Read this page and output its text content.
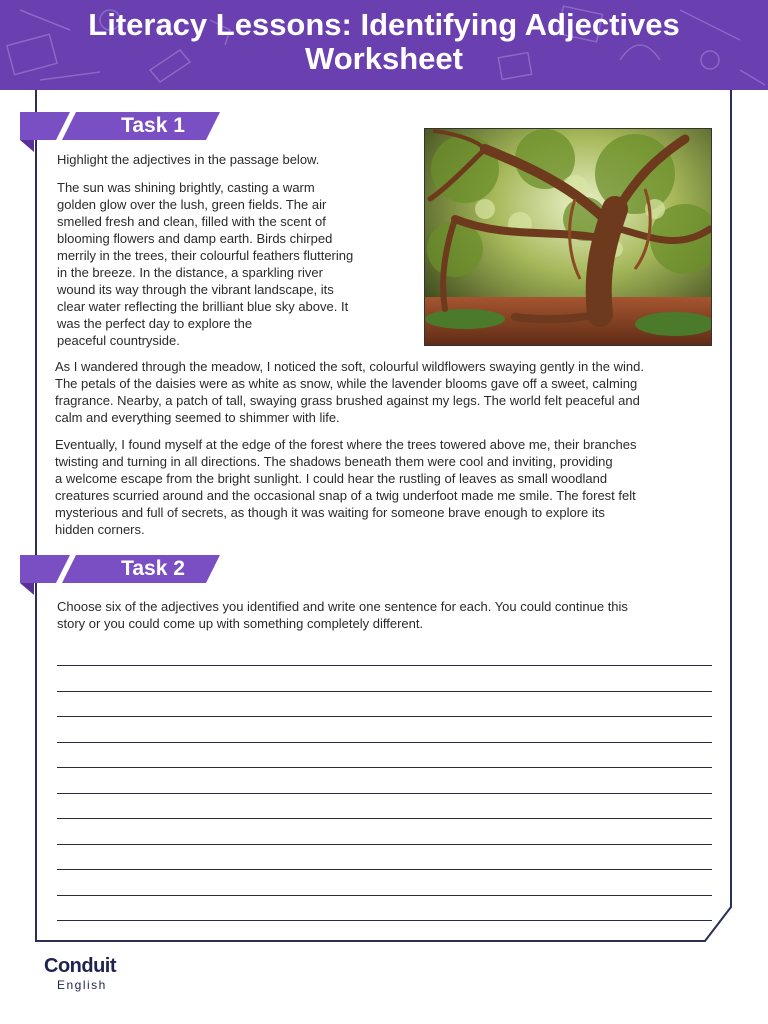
Literacy Lessons: Identifying Adjectives
Worksheet
Task 1
Highlight the adjectives in the passage below.
The sun was shining brightly, casting a warm
golden glow over the lush, green fields. The air
smelled fresh and clean, filled with the scent of
blooming flowers and damp earth. Birds chirped
merrily in the trees, their colourful feathers fluttering
in the breeze. In the distance, a sparkling river
wound its way through the vibrant landscape, its
clear water reflecting the brilliant blue sky above. It
was the perfect day to explore the
peaceful countryside.
As I wandered through the meadow, I noticed the soft, colourful wildflowers swaying gently in the wind.
The petals of the daisies were as white as snow, while the lavender blooms gave off a sweet, calming
fragrance. Nearby, a patch of tall, swaying grass brushed against my legs. The world felt peaceful and
calm and everything seemed to shimmer with life.
Eventually, I found myself at the edge of the forest where the trees towered above me, their branches
twisting and turning in all directions. The shadows beneath them were cool and inviting, providing
a welcome escape from the bright sunlight. I could hear the rustling of leaves as small woodland
creatures scurried around and the occasional snap of a twig underfoot made me smile. The forest felt
mysterious and full of secrets, as though it was waiting for someone brave enough to explore its
hidden corners.
Task 2
Choose six of the adjectives you identified and write one sentence for each. You could continue this
story or you could come up with something completely different.
Conduit
English
